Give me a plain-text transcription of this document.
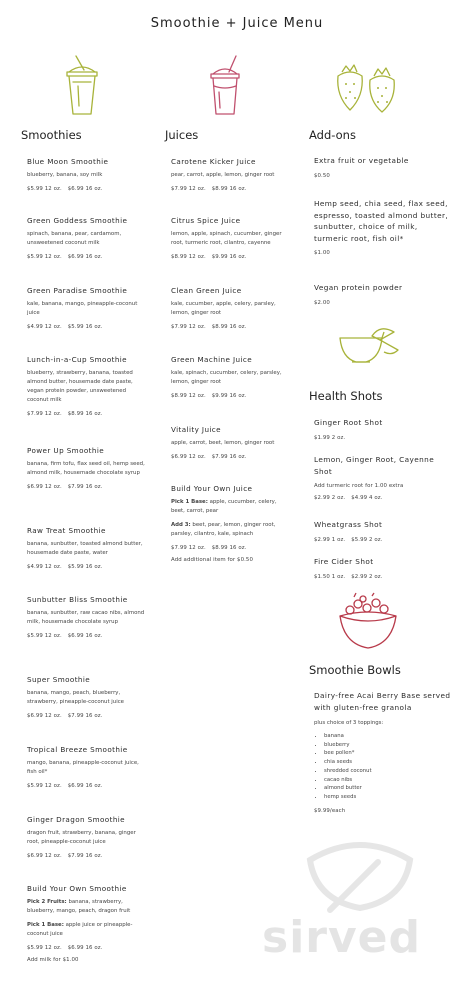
Smoothie + Juice Menu
Smoothies
Blue Moon Smoothie
blueberry, banana, soy milk
$5.99 12 oz. $6.99 16 oz.
Green Goddess Smoothie
spinach, banana, pear, cardamom, unsweetened coconut milk
$5.99 12 oz. $6.99 16 oz.
Green Paradise Smoothie
kale, banana, mango, pineapple-coconut juice
$4.99 12 oz. $5.99 16 oz.
Lunch-in-a-Cup Smoothie
blueberry, strawberry, banana, toasted almond butter, housemade date paste, vegan protein powder, unsweetened coconut milk
$7.99 12 oz. $8.99 16 oz.
Power Up Smoothie
banana, firm tofu, flax seed oil, hemp seed, almond milk, housemade chocolate syrup
$6.99 12 oz. $7.99 16 oz.
Raw Treat Smoothie
banana, sunbutter, toasted almond butter, housemade date paste, water
$4.99 12 oz. $5.99 16 oz.
Sunbutter Bliss Smoothie
banana, sunbutter, raw cacao nibs, almond milk, housemade chocolate syrup
$5.99 12 oz. $6.99 16 oz.
Super Smoothie
banana, mango, peach, blueberry, strawberry, pineapple-coconut juice
$6.99 12 oz. $7.99 16 oz.
Tropical Breeze Smoothie
mango, banana, pineapple-coconut juice, fish oil*
$5.99 12 oz. $6.99 16 oz.
Ginger Dragon Smoothie
dragon fruit, strawberry, banana, ginger root, pineapple-coconut juice
$6.99 12 oz. $7.99 16 oz.
Build Your Own Smoothie
Pick 2 Fruits: banana, strawberry, blueberry, mango, peach, dragon fruit
Pick 1 Base: apple juice or pineapple-coconut juice
$5.99 12 oz. $6.99 16 oz.
Add milk for $1.00
Juices
Carotene Kicker Juice
pear, carrot, apple, lemon, ginger root
$7.99 12 oz. $8.99 16 oz.
Citrus Spice Juice
lemon, apple, spinach, cucumber, ginger root, turmeric root, cilantro, cayenne
$8.99 12 oz. $9.99 16 oz.
Clean Green Juice
kale, cucumber, apple, celery, parsley, lemon, ginger root
$7.99 12 oz. $8.99 16 oz.
Green Machine Juice
kale, spinach, cucumber, celery, parsley, lemon, ginger root
$8.99 12 oz. $9.99 16 oz.
Vitality Juice
apple, carrot, beet, lemon, ginger root
$6.99 12 oz. $7.99 16 oz.
Build Your Own Juice
Pick 1 Base: apple, cucumber, celery, beet, carrot, pear
Add 3: beet, pear, lemon, ginger root, parsley, cilantro, kale, spinach
$7.99 12 oz. $8.99 16 oz.
Add additional item for $0.50
Add-ons
Extra fruit or vegetable
$0.50
Hemp seed, chia seed, flax seed, espresso, toasted almond butter, sunbutter, choice of milk, turmeric root, fish oil*
$1.00
Vegan protein powder
$2.00
Health Shots
Ginger Root Shot
$1.99 2 oz.
Lemon, Ginger Root, Cayenne Shot
Add turmeric root for 1.00 extra
$2.99 2 oz. $4.99 4 oz.
Wheatgrass Shot
$2.99 1 oz. $5.99 2 oz.
Fire Cider Shot
$1.50 1 oz. $2.99 2 oz.
Smoothie Bowls
Dairy-free Acai Berry Base served with gluten-free granola
plus choice of 3 toppings:
• banana
• blueberry
• bee pollen*
• chia seeds
• shredded coconut
• cacao nibs
• almond butter
• hemp seeds
$9.99/each
sirved
